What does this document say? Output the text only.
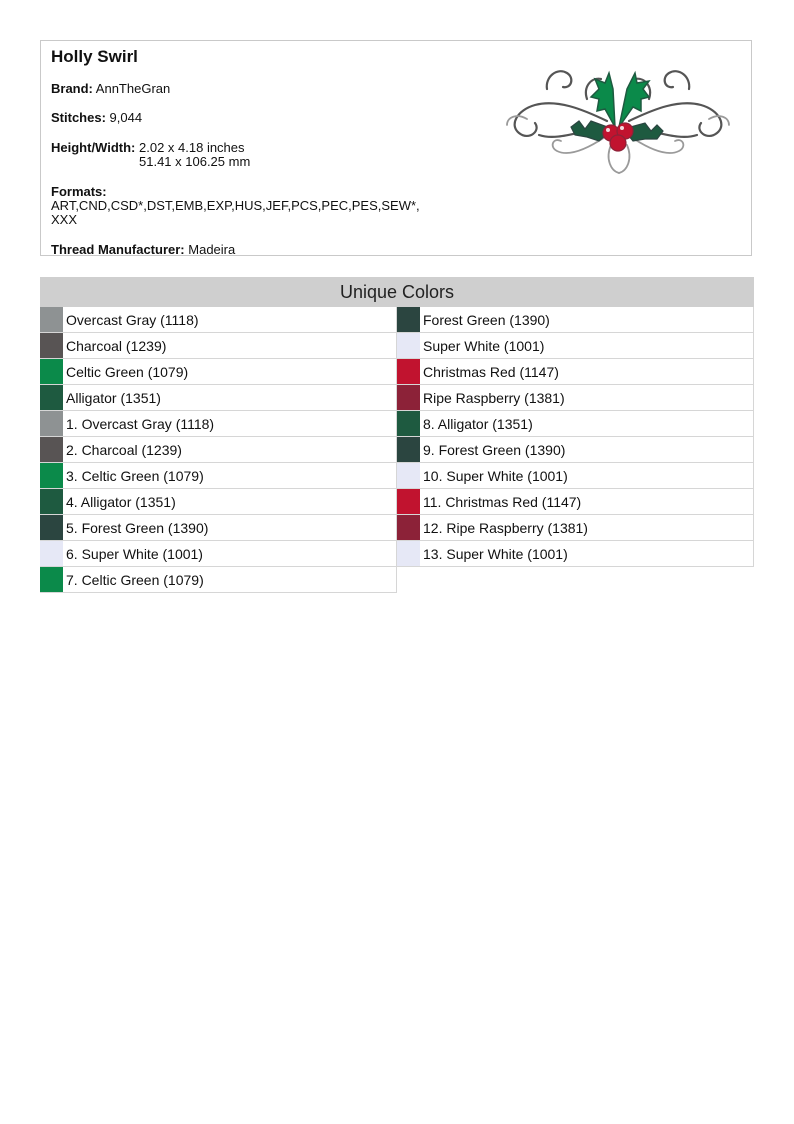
Holly Swirl
Brand: AnnTheGran
Stitches: 9,044
Height/Width: 2.02 x 4.18 inches
51.41 x 106.25 mm
Formats:
ART,CND,CSD*,DST,EMB,EXP,HUS,JEF,PCS,PEC,PES,SEW*,
XXX
Thread Manufacturer: Madeira
Unique Colors
Overcast Gray (1118)
Charcoal (1239)
Celtic Green (1079)
Alligator (1351)
1. Overcast Gray (1118)
2. Charcoal (1239)
3. Celtic Green (1079)
4. Alligator (1351)
5. Forest Green (1390)
6. Super White (1001)
7. Celtic Green (1079)
Forest Green (1390)
Super White (1001)
Christmas Red (1147)
Ripe Raspberry (1381)
8. Alligator (1351)
9. Forest Green (1390)
10. Super White (1001)
11. Christmas Red (1147)
12. Ripe Raspberry (1381)
13. Super White (1001)
